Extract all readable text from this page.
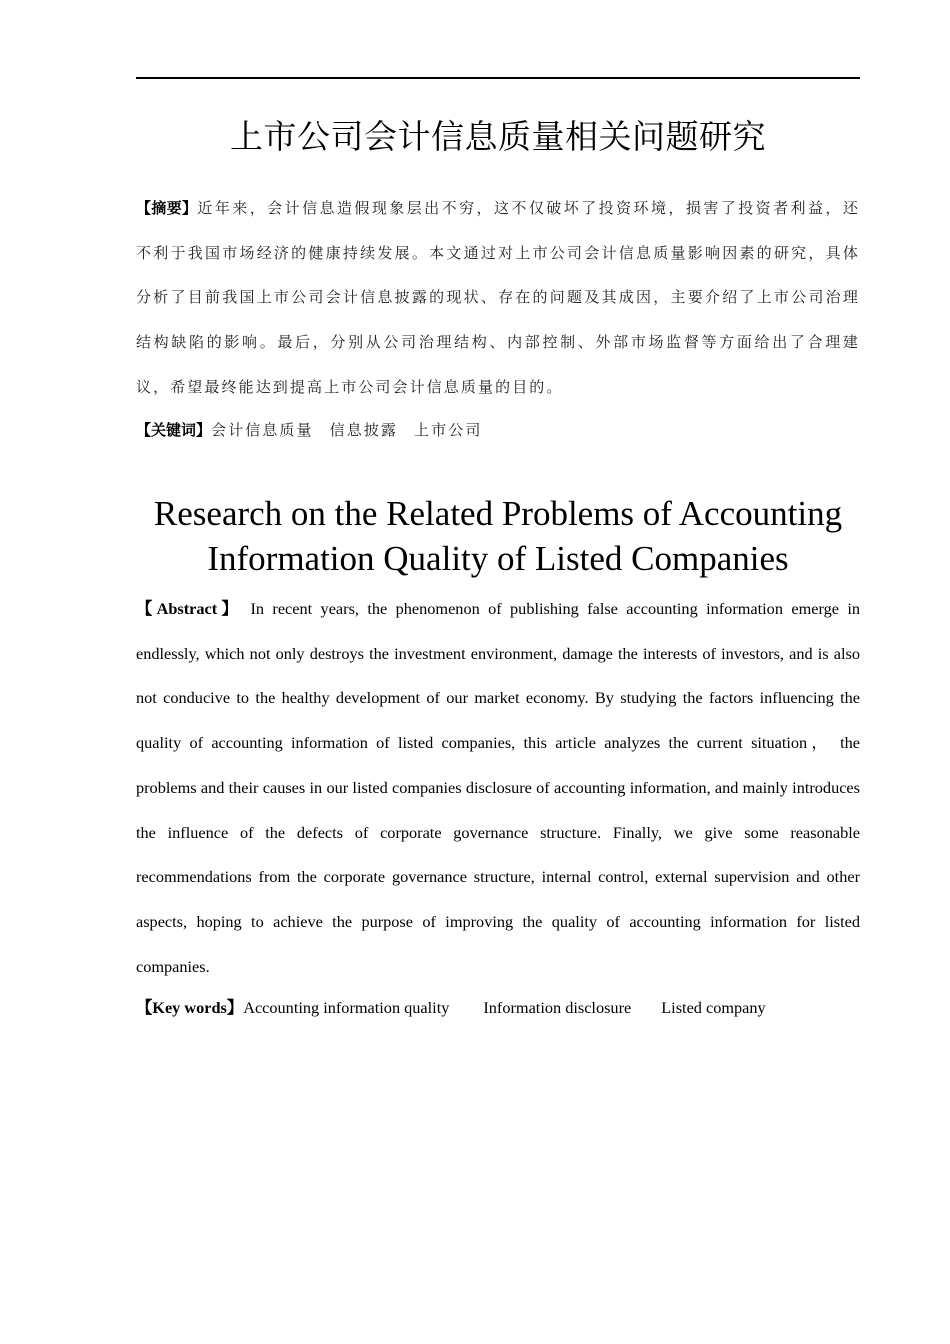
上市公司会计信息质量相关问题研究

【摘要】近年来，会计信息造假现象层出不穷，这不仅破坏了投资环境，损害了投资者利益，还不利于我国市场经济的健康持续发展。本文通过对上市公司会计信息质量影响因素的研究，具体分析了目前我国上市公司会计信息披露的现状、存在的问题及其成因，主要介绍了上市公司治理结构缺陷的影响。最后，分别从公司治理结构、内部控制、外部市场监督等方面给出了合理建议，希望最终能达到提高上市公司会计信息质量的目的。

【关键词】会计信息质量 信息披露 上市公司

Research on the Related Problems of Accounting
Information Quality of Listed Companies

【Abstract】 In recent years, the phenomenon of publishing false accounting information emerge in endlessly, which not only destroys the investment environment, damage the interests of investors, and is also not conducive to the healthy development of our market economy. By studying the factors influencing the quality of accounting information of listed companies, this article analyzes the current situation， the problems and their causes in our listed companies disclosure of accounting information, and mainly introduces the influence of the defects of corporate governance structure. Finally, we give some reasonable recommendations from the corporate governance structure, internal control, external supervision and other aspects, hoping to achieve the purpose of improving the quality of accounting information for listed companies.

【Key words】Accounting information quality Information disclosure Listed company
